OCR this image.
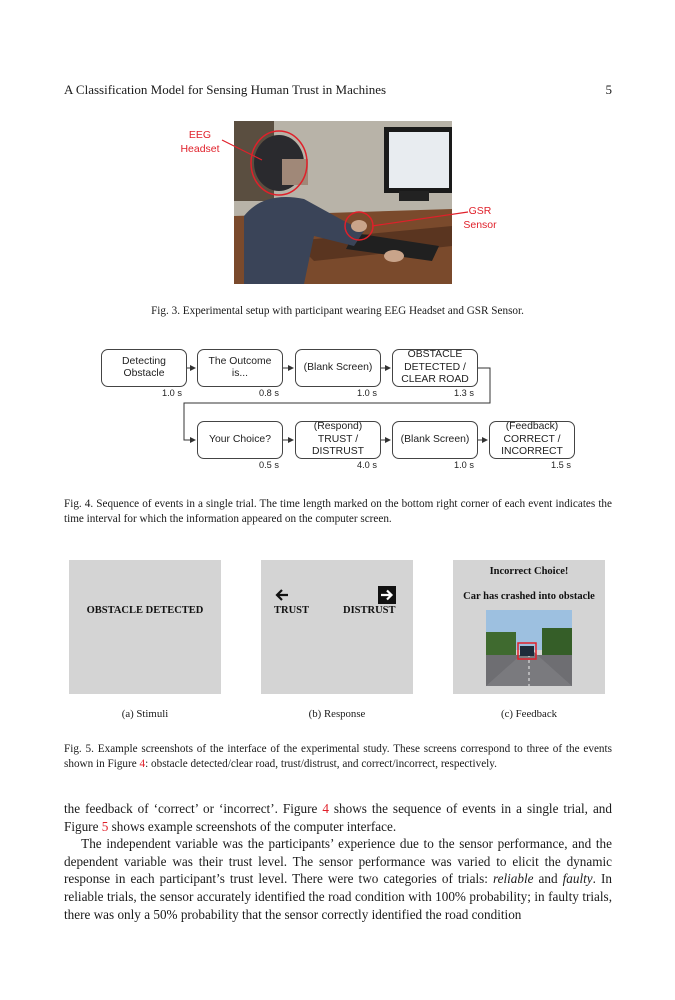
A Classification Model for Sensing Human Trust in Machines	5
EEG
Headset
GSR
Sensor
Fig. 3. Experimental setup with participant wearing EEG Headset and GSR Sensor.
Detecting
Obstacle
1.0 s
The Outcome
is...
0.8 s
(Blank Screen)
1.0 s
OBSTACLE
DETECTED /
CLEAR ROAD
1.3 s
Your Choice?
0.5 s
(Respond)
TRUST /
DISTRUST
4.0 s
(Blank Screen)
1.0 s
(Feedback)
CORRECT /
INCORRECT
1.5 s
Fig. 4. Sequence of events in a single trial. The time length marked on the bottom right corner of each event indicates the time interval for which the information appeared on the computer screen.
OBSTACLE DETECTED
(a) Stimuli
TRUST	DISTRUST
(b) Response
Incorrect Choice!
Car has crashed into obstacle
(c) Feedback
Fig. 5. Example screenshots of the interface of the experimental study. These screens correspond to three of the events shown in Figure 4: obstacle detected/clear road, trust/distrust, and correct/incorrect, respectively.

the feedback of ‘correct’ or ‘incorrect’. Figure 4 shows the sequence of events in a single trial, and Figure 5 shows example screenshots of the computer interface.

The independent variable was the participants’ experience due to the sensor performance, and the dependent variable was their trust level. The sensor performance was varied to elicit the dynamic response in each participant’s trust level. There were two categories of trials: reliable and faulty. In reliable trials, the sensor accurately identified the road condition with 100% probability; in faulty trials, there was only a 50% probability that the sensor correctly identified the road condition
